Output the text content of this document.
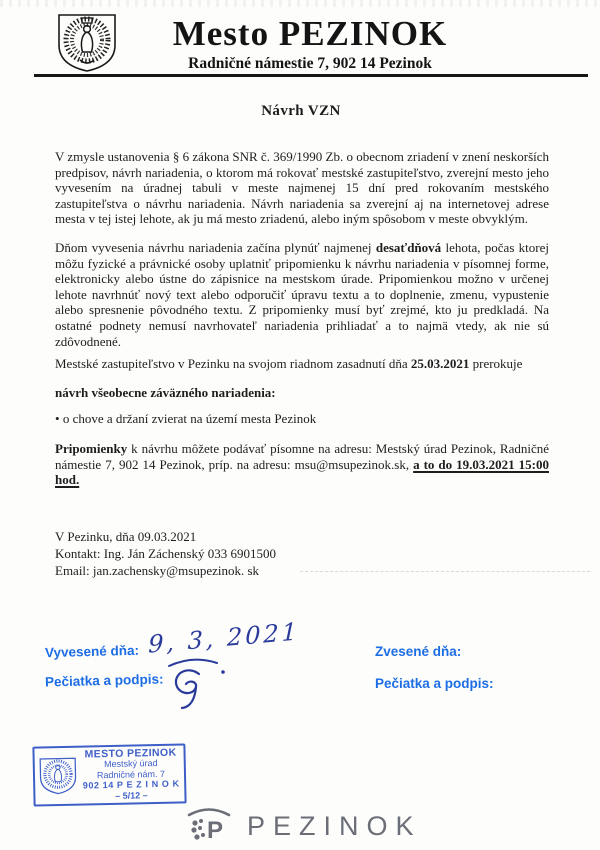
Mesto PEZINOK
Radničné námestie 7, 902 14 Pezinok
Návrh VZN

V zmysle ustanovenia § 6 zákona SNR č. 369/1990 Zb. o obecnom zriadení v znení neskorších predpisov, návrh nariadenia, o ktorom má rokovať mestské zastupiteľstvo, zverejní mesto jeho vyvesením na úradnej tabuli v meste najmenej 15 dní pred rokovaním mestského zastupiteľstva o návrhu nariadenia. Návrh nariadenia sa zverejní aj na internetovej adrese mesta v tej istej lehote, ak ju má mesto zriadenú, alebo iným spôsobom v meste obvyklým.

Dňom vyvesenia návrhu nariadenia začína plynúť najmenej desaťdňová lehota, počas ktorej môžu fyzické a právnické osoby uplatniť pripomienku k návrhu nariadenia v písomnej forme, elektronicky alebo ústne do zápisnice na mestskom úrade. Pripomienkou možno v určenej lehote navrhnúť nový text alebo odporučiť úpravu textu a to doplnenie, zmenu, vypustenie alebo spresnenie pôvodného textu. Z pripomienky musí byť zrejmé, kto ju predkladá. Na ostatné podnety nemusí navrhovateľ nariadenia prihliadať a to najmä vtedy, ak nie sú zdôvodnené.

Mestské zastupiteľstvo v Pezinku na svojom riadnom zasadnutí dňa 25.03.2021 prerokuje

návrh všeobecne záväzného nariadenia:

• o chove a držaní zvierat na území mesta Pezinok

Pripomienky k návrhu môžete podávať písomne na adresu: Mestský úrad Pezinok, Radničné námestie 7, 902 14 Pezinok, príp. na adresu: msu@msupezinok.sk, a to do 19.03.2021 15:00 hod.

V Pezinku, dňa 09.03.2021
Kontakt: Ing. Ján Záchenský 033 6901500
Email: jan.zachensky@msupezinok. sk
Vyvesené dňa:
Pečiatka a podpis:
Zvesené dňa:
Pečiatka a podpis:
9, 3, 2021
MESTO PEZINOK
Mestský úrad
Radničné nám. 7
902 14 P E Z I N O K
– 5/12 –
P PEZINOK
